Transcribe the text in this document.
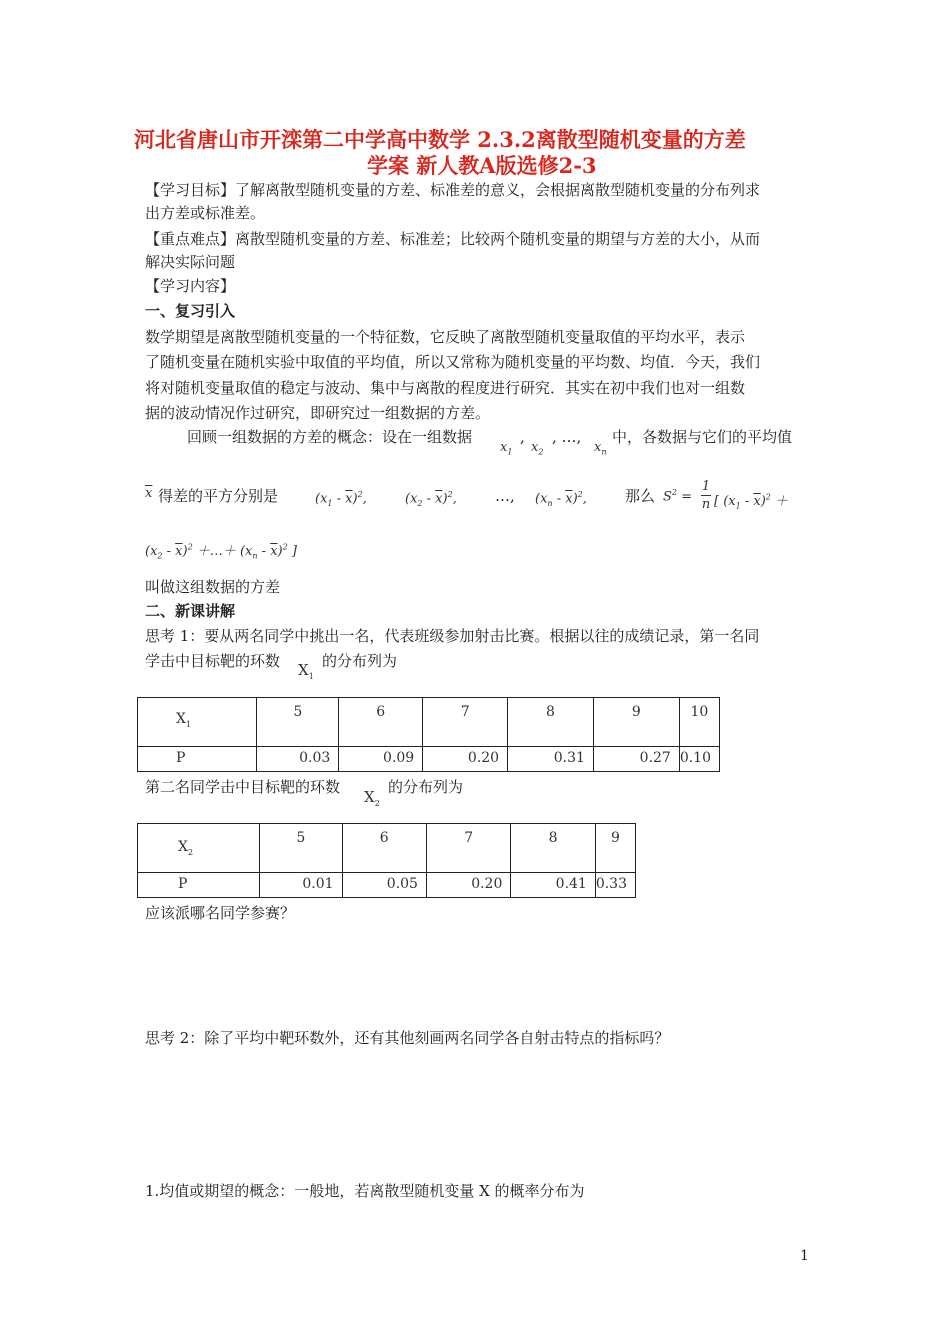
河北省唐山市开滦第二中学高中数学 2.3.2离散型随机变量的方差
学案 新人教A版选修2-3
【学习目标】了解离散型随机变量的方差、标准差的意义，会根据离散型随机变量的分布列求
出方差或标准差。
【重点难点】离散型随机变量的方差、标准差；比较两个随机变量的期望与方差的大小，从而
解决实际问题
【学习内容】
一、复习引入
数学期望是离散型随机变量的一个特征数，它反映了离散型随机变量取值的平均水平，表示
了随机变量在随机实验中取值的平均值，所以又常称为随机变量的平均数、均值．今天，我们
将对随机变量取值的稳定与波动、集中与离散的程度进行研究．其实在初中我们也对一组数
据的波动情况作过研究，即研究过一组数据的方差。
回顾一组数据的方差的概念：设在一组数据
$x_1$
,
$x_2$
, …,
$x_n$
中，各数据与它们的平均值
$\overline{x}$ 得差的平方分别是	$(x_1 - \overline{x})^2$,	$(x_2 - \overline{x})^2$,	…, $(x_n - \overline{x})^2$,	那么 $S^2$ =
1
n [ $(x_1 - \overline{x})^2$ ＋
$(x_2 - \overline{x})^2$ ＋…＋ $(x_n - \overline{x})^2$ ]
叫做这组数据的方差
二、新课讲解
思考 1：要从两名同学中挑出一名，代表班级参加射击比赛。根据以往的成绩记录，第一名同
学击中目标靶的环数 $X_1$
的分布列为
$X_1$	5	6	7	8	9	10
P	0.03	0.09	0.20	0.31	0.27	0.10
第二名同学击中目标靶的环数
$X_2$
的分布列为
$X_2$	5	6	7	8	9
P	0.01	0.05	0.20	0.41	0.33
应该派哪名同学参赛？
思考 2：除了平均中靶环数外，还有其他刻画两名同学各自射击特点的指标吗？
1.均值或期望的概念：一般地，若离散型随机变量 X 的概率分布为
1
